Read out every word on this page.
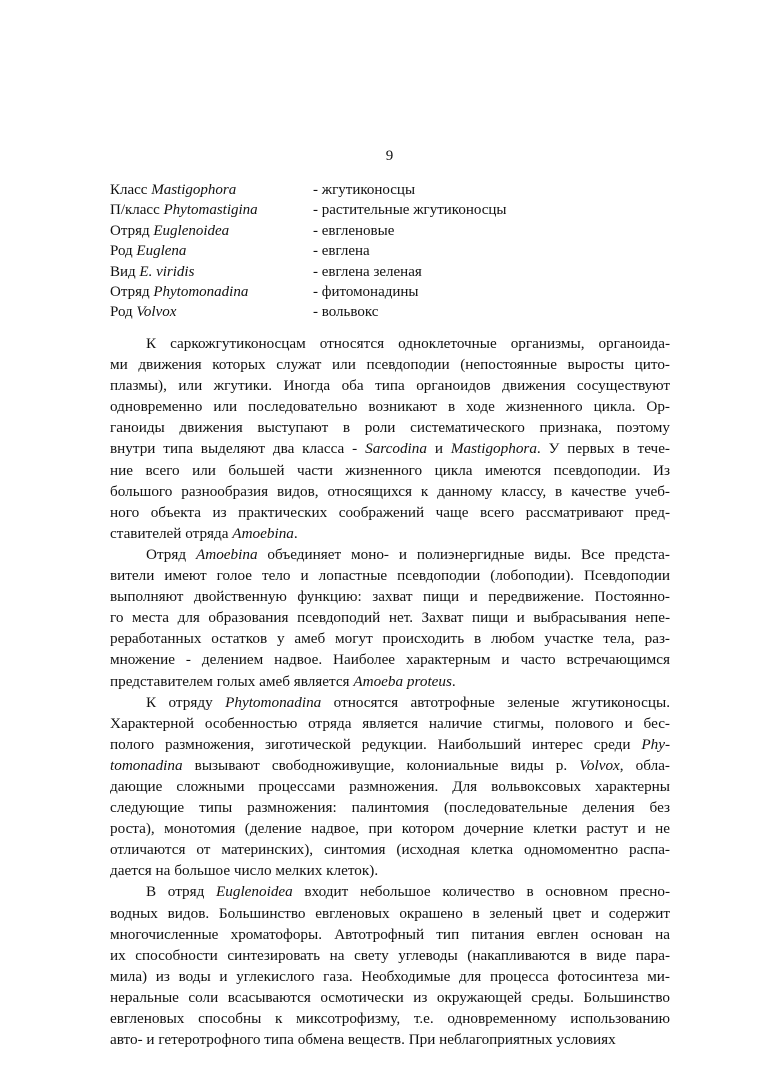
9
Класс Mastigophora	- жгутиконосцы
П/класс Phytomastigina	- растительные жгутиконосцы
Отряд Euglenoidea	- евгленовые
Род Euglena	- евглена
Вид E. viridis	- евглена зеленая
Отряд Phytomonadina	- фитомонадины
Род Volvox	- вольвокс

К саркожгутиконосцам относятся одноклеточные организмы, органоида-
ми движения которых служат или псевдоподии (непостоянные выросты цито-
плазмы), или жгутики. Иногда оба типа органоидов движения сосуществуют
одновременно или последовательно возникают в ходе жизненного цикла. Ор-
ганоиды движения выступают в роли систематического признака, поэтому
внутри типа выделяют два класса - Sarcodina и Mastigophora. У первых в тече-
ние всего или большей части жизненного цикла имеются псевдоподии. Из
большого разнообразия видов, относящихся к данному классу, в качестве учеб-
ного объекта из практических соображений чаще всего рассматривают пред-
ставителей отряда Amoebina.

Отряд Amoebina объединяет моно- и полиэнергидные виды. Все предста-
вители имеют голое тело и лопастные псевдоподии (лобоподии). Псевдоподии
выполняют двойственную функцию: захват пищи и передвижение. Постоянно-
го места для образования псевдоподий нет. Захват пищи и выбрасывания непе-
реработанных остатков у амеб могут происходить в любом участке тела, раз-
множение - делением надвое. Наиболее характерным и часто встречающимся
представителем голых амеб является Amoeba proteus.

К отряду Phytomonadina относятся автотрофные зеленые жгутиконосцы.
Характерной особенностью отряда является наличие стигмы, полового и бес-
полого размножения, зиготической редукции. Наибольший интерес среди Phy-
tomonadina вызывают свободноживущие, колониальные виды р. Volvox, обла-
дающие сложными процессами размножения. Для вольвоксовых характерны
следующие типы размножения: палинтомия (последовательные деления без
роста), монотомия (деление надвое, при котором дочерние клетки растут и не
отличаются от материнских), синтомия (исходная клетка одномоментно распа-
дается на большое число мелких клеток).

В отряд Euglenoidea входит небольшое количество в основном пресно-
водных видов. Большинство евгленовых окрашено в зеленый цвет и содержит
многочисленные хроматофоры. Автотрофный тип питания евглен основан на
их способности синтезировать на свету углеводы (накапливаются в виде пара-
мила) из воды и углекислого газа. Необходимые для процесса фотосинтеза ми-
неральные соли всасываются осмотически из окружающей среды. Большинство
евгленовых способны к миксотрофизму, т.е. одновременному использованию
авто- и гетеротрофного типа обмена веществ. При неблагоприятных условиях
